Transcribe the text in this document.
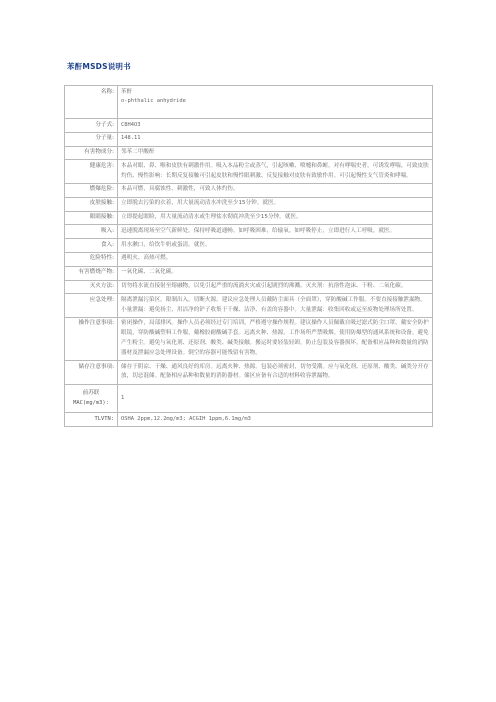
苯酐MSDS说明书
名称:	苯酐
o-phthalic anhydride

分子式:	C8H4O3
分子量:	148.11
有害物成分:	邻苯二甲酸酐
健康危害:	本品对眼、鼻、喉和皮肤有刺激作用。吸入本品粉尘或蒸气，引起咳嗽、喷嚏和鼻衄。对有哮喘史者，可诱发哮喘。可致皮肤灼伤、慢性影响：长期反复接触可引起皮肤和慢性眼刺激、反复接触对皮肤有致敏作用。可引起慢性支气管炎和哮喘。
燃爆危险:	本品可燃，具腐蚀性、刺激性，可致人体灼伤。
皮肤接触:	立即脱去污染的衣着，用大量流动清水冲洗至少15分钟。就医。
眼睛接触:	立即提起眼睑，用大量流动清水或生理盐水彻底冲洗至少15分钟。就医。
吸入:	迅速脱离现场至空气新鲜处。保持呼吸道通畅。如呼吸困难，给输氧。如呼吸停止，立即进行人工呼吸。就医。
食入:	用水漱口，给饮牛奶或蛋清。就医。
危险特性:	遇明火、高热可燃。
有害燃烧产物:	一氧化碳、二氧化碳。
灭火方法:	切勿将水流直接射至熔融物，以免引起严重的流淌火灾或引起剧烈的沸溅。灭火剂：抗溶性泡沫、干粉、二氧化碳。
应急处理:	隔离泄漏污染区，限制出入。切断火源。建议应急处理人员戴防尘面具（全面罩），穿防酸碱工作服。不要直接接触泄漏物。小量泄漏：避免扬尘，用洁净的铲子收集于干燥、洁净、有盖的容器中。大量泄漏：收集回收或运至废物处理场所处置。
操作注意事项:	密闭操作，局部排风。操作人员必须经过专门培训，严格遵守操作规程。建议操作人员佩戴自吸过滤式防尘口罩，戴安全防护眼镜，穿防酸碱塑料工作服，戴橡胶耐酸碱手套。远离火种、热源。工作场所严禁吸烟。使用防爆型的通风系统和设备。避免产生粉尘。避免与氧化剂、还原剂、酸类、碱类接触。搬运时要轻装轻卸，防止包装及容器损坏。配备相应品种和数量的消防器材及泄漏应急处理设备。倒空的容器可能残留有害物。
储存注意事项:	储存于阴凉、干燥、通风良好的库房。远离火种、热源。包装必须密封，切勿受潮。应与氧化剂、还原剂、酸类、碱类分开存放，切忌混储。配备相应品种和数量的消防器材。储区应备有合适的材料收容泄漏物。

前苏联
MAC(mg/m3):	1
TLVTN:	OSHA 2ppm,12.2mg/m3; ACGIH 1ppm,6.1mg/m3
